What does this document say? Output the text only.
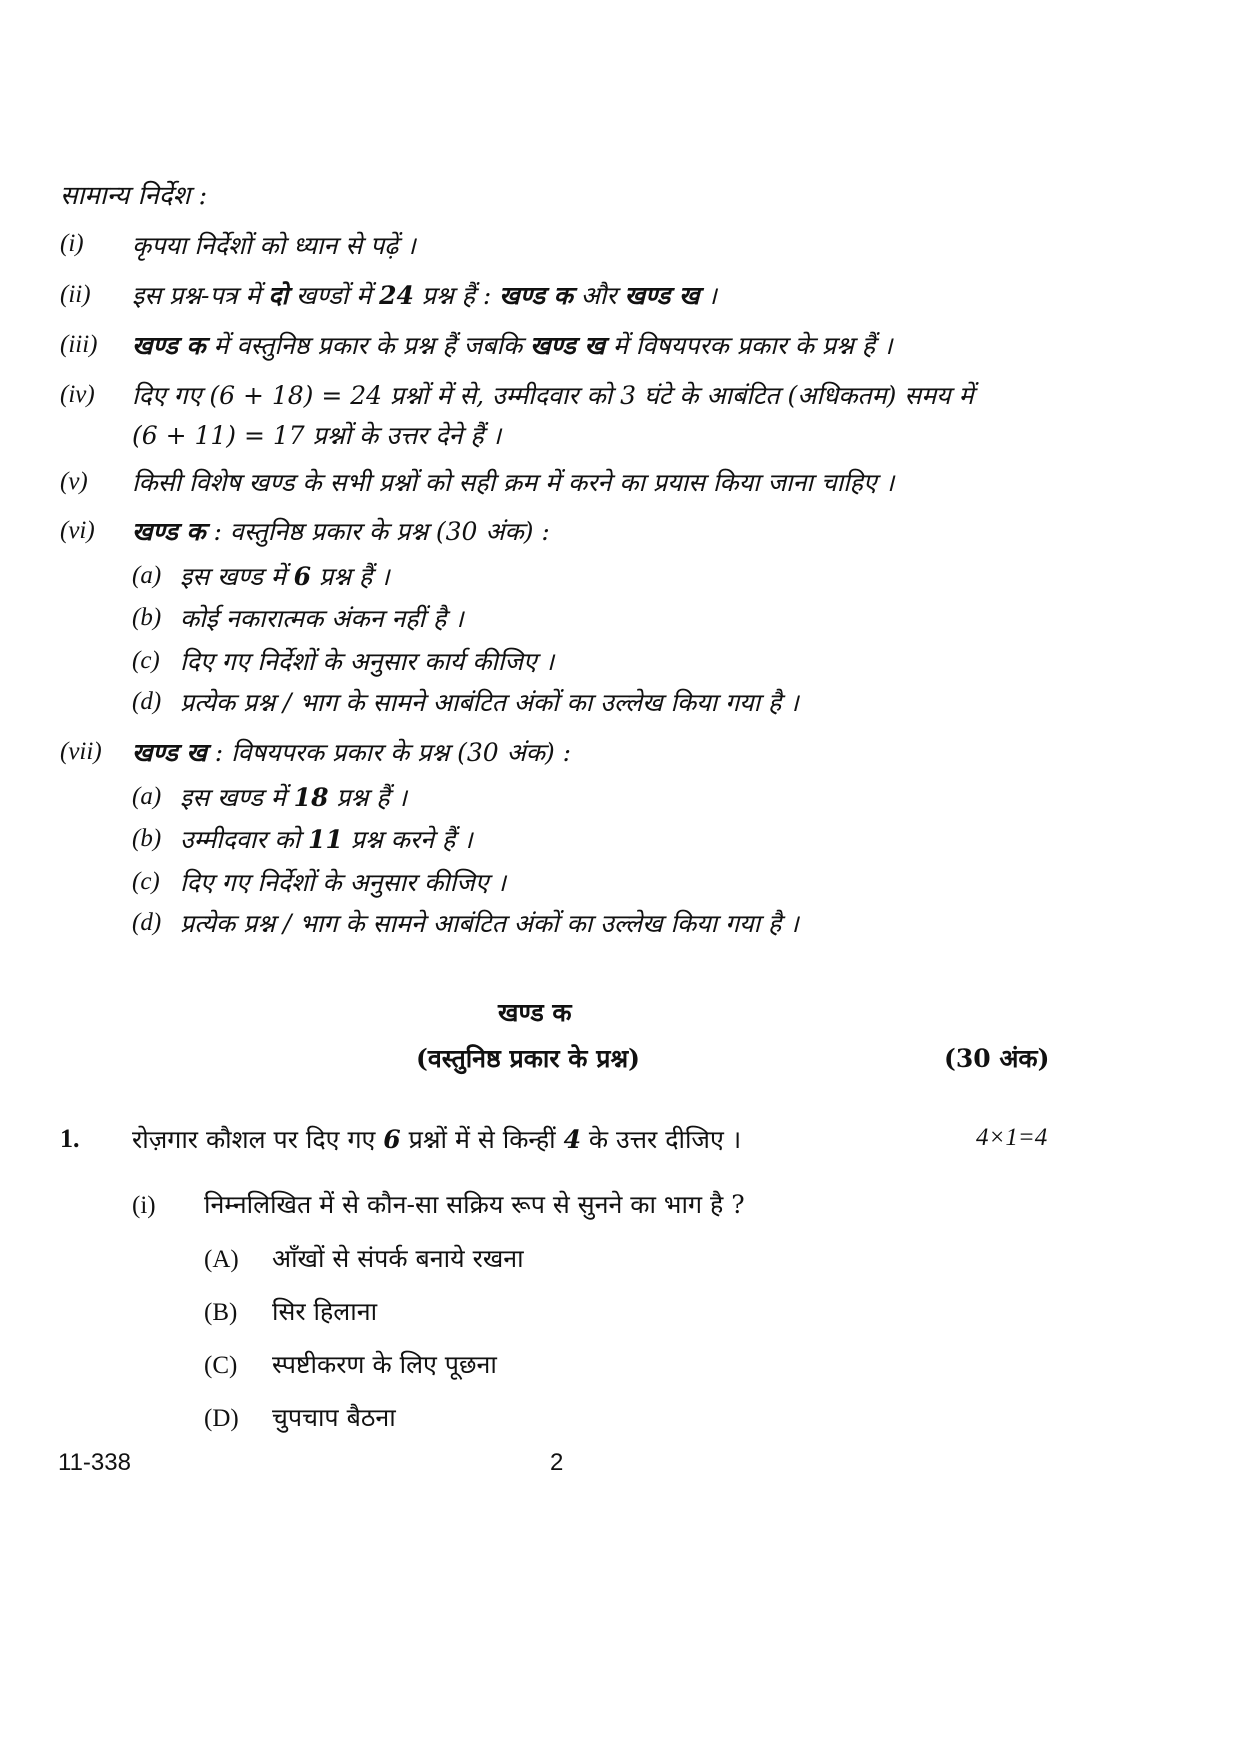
सामान्य निर्देश :
(i) कृपया निर्देशों को ध्यान से पढ़ें ।
(ii) इस प्रश्न-पत्र में दो खण्डों में 24 प्रश्न हैं : खण्ड क और खण्ड ख ।
(iii) खण्ड क में वस्तुनिष्ठ प्रकार के प्रश्न हैं जबकि खण्ड ख में विषयपरक प्रकार के प्रश्न हैं ।
(iv) दिए गए (6 + 18) = 24 प्रश्नों में से, उम्मीदवार को 3 घंटे के आबंटित (अधिकतम) समय में
(6 + 11) = 17 प्रश्नों के उत्तर देने हैं ।
(v) किसी विशेष खण्ड के सभी प्रश्नों को सही क्रम में करने का प्रयास किया जाना चाहिए ।
(vi) खण्ड क : वस्तुनिष्ठ प्रकार के प्रश्न (30 अंक) :
(a) इस खण्ड में 6 प्रश्न हैं ।
(b) कोई नकारात्मक अंकन नहीं है ।
(c) दिए गए निर्देशों के अनुसार कार्य कीजिए ।
(d) प्रत्येक प्रश्न / भाग के सामने आबंटित अंकों का उल्लेख किया गया है ।
(vii) खण्ड ख : विषयपरक प्रकार के प्रश्न (30 अंक) :
(a) इस खण्ड में 18 प्रश्न हैं ।
(b) उम्मीदवार को 11 प्रश्न करने हैं ।
(c) दिए गए निर्देशों के अनुसार कीजिए ।
(d) प्रत्येक प्रश्न / भाग के सामने आबंटित अंकों का उल्लेख किया गया है ।
खण्ड क
(वस्तुनिष्ठ प्रकार के प्रश्न)	(30 अंक)
1. रोज़गार कौशल पर दिए गए 6 प्रश्नों में से किन्हीं 4 के उत्तर दीजिए ।	4×1=4
(i) निम्नलिखित में से कौन-सा सक्रिय रूप से सुनने का भाग है ?
(A) आँखों से संपर्क बनाये रखना
(B) सिर हिलाना
(C) स्पष्टीकरण के लिए पूछना
(D) चुपचाप बैठना
11-338	2
